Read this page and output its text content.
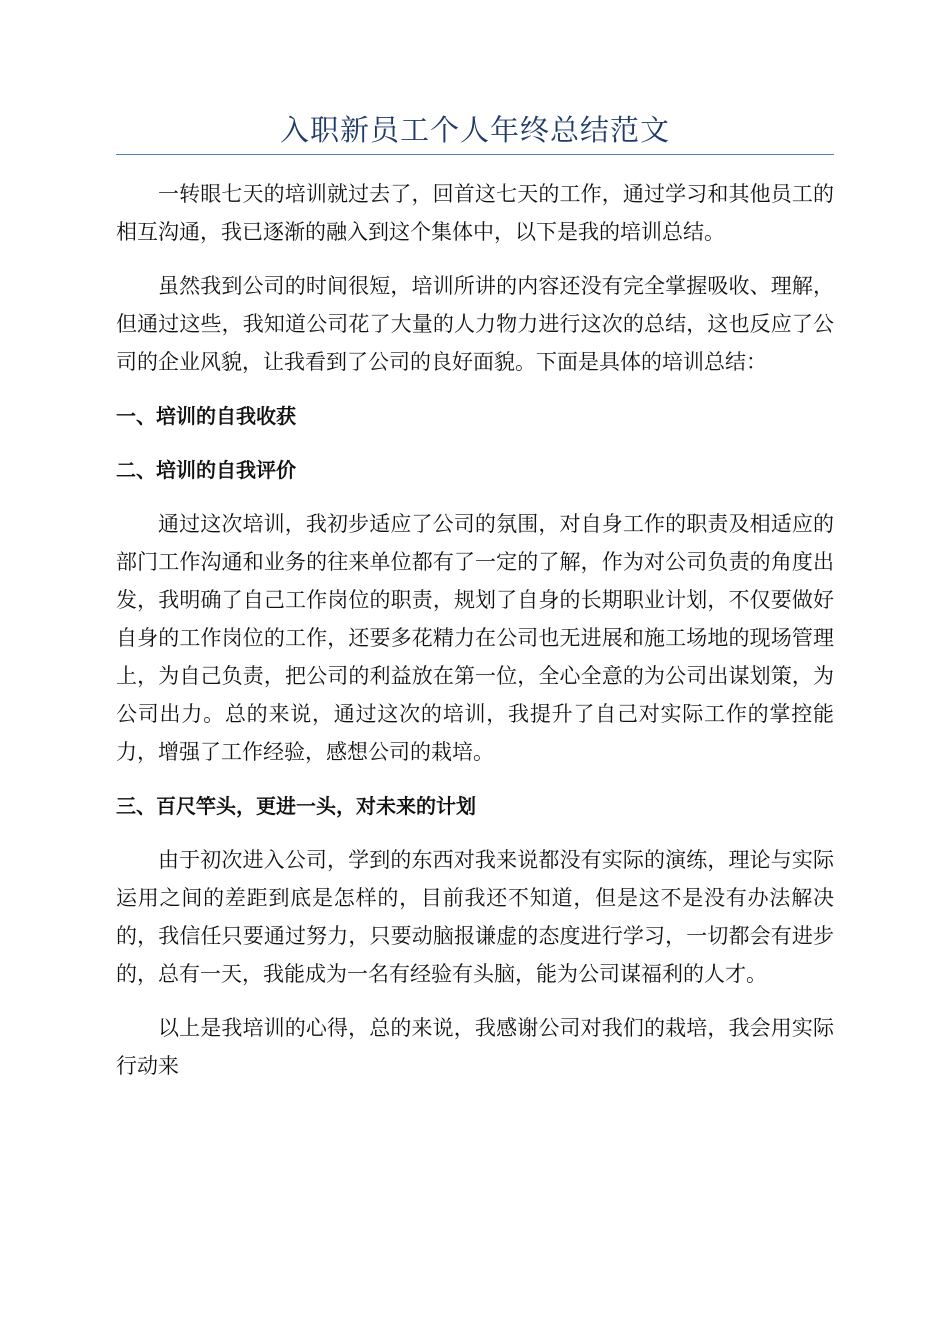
入职新员工个人年终总结范文

一转眼七天的培训就过去了，回首这七天的工作，通过学习和其他员工的相互沟通，我已逐渐的融入到这个集体中，以下是我的培训总结。

虽然我到公司的时间很短，培训所讲的内容还没有完全掌握吸收、理解，但通过这些，我知道公司花了大量的人力物力进行这次的总结，这也反应了公司的企业风貌，让我看到了公司的良好面貌。下面是具体的培训总结：

一、培训的自我收获
二、培训的自我评价

通过这次培训，我初步适应了公司的氛围，对自身工作的职责及相适应的部门工作沟通和业务的往来单位都有了一定的了解，作为对公司负责的角度出发，我明确了自己工作岗位的职责，规划了自身的长期职业计划，不仅要做好自身的工作岗位的工作，还要多花精力在公司也无进展和施工场地的现场管理上，为自己负责，把公司的利益放在第一位，全心全意的为公司出谋划策，为公司出力。总的来说，通过这次的培训，我提升了自己对实际工作的掌控能力，增强了工作经验，感想公司的栽培。

三、百尺竿头，更进一头，对未来的计划

由于初次进入公司，学到的东西对我来说都没有实际的演练，理论与实际运用之间的差距到底是怎样的，目前我还不知道，但是这不是没有办法解决的，我信任只要通过努力，只要动脑报谦虚的态度进行学习，一切都会有进步的，总有一天，我能成为一名有经验有头脑，能为公司谋福利的人才。

以上是我培训的心得，总的来说，我感谢公司对我们的栽培，我会用实际行动来
